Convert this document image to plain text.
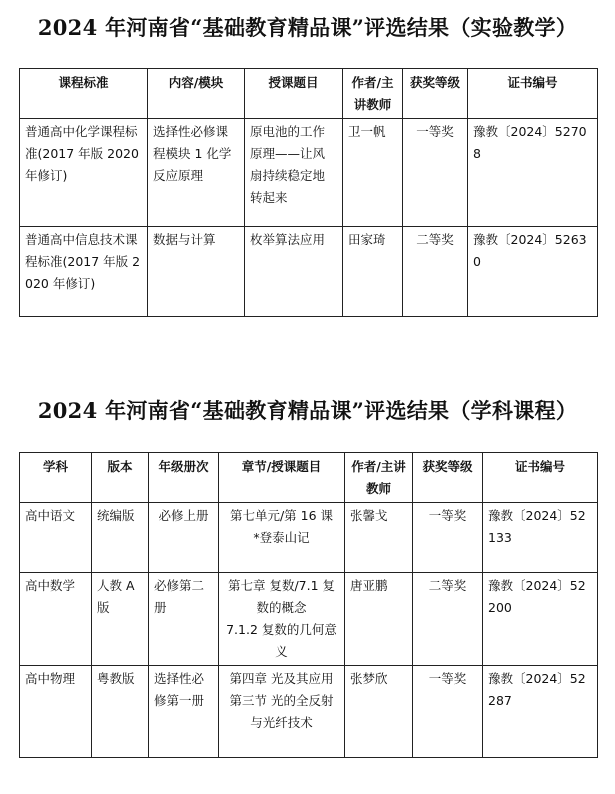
2024 年河南省“基础教育精品课”评选结果（实验教学）
课程标准	内容/模块	授课题目	作者/主讲教师	获奖等级	证书编号
普通高中化学课程标准(2017 年版 2020 年修订)	选择性必修课程模块 1 化学反应原理	原电池的工作原理——让风扇持续稳定地转起来	卫一帆	一等奖	豫教〔2024〕52708
普通高中信息技术课程标准(2017 年版 2020 年修订)	数据与计算	枚举算法应用	田家琦	二等奖	豫教〔2024〕52630
2024 年河南省“基础教育精品课”评选结果（学科课程）
学科	版本	年级册次	章节/授课题目	作者/主讲教师	获奖等级	证书编号
高中语文	统编版	必修上册	第七单元/第 16 课
*登泰山记	张馨戈	一等奖	豫教〔2024〕52133
高中数学	人教 A 版	必修第二册	第七章 复数/7.1 复数的概念
7.1.2 复数的几何意义	唐亚鹏	二等奖	豫教〔2024〕52200
高中物理	粤教版	选择性必修第一册	第四章 光及其应用
第三节 光的全反射与光纤技术	张梦欣	一等奖	豫教〔2024〕52287
